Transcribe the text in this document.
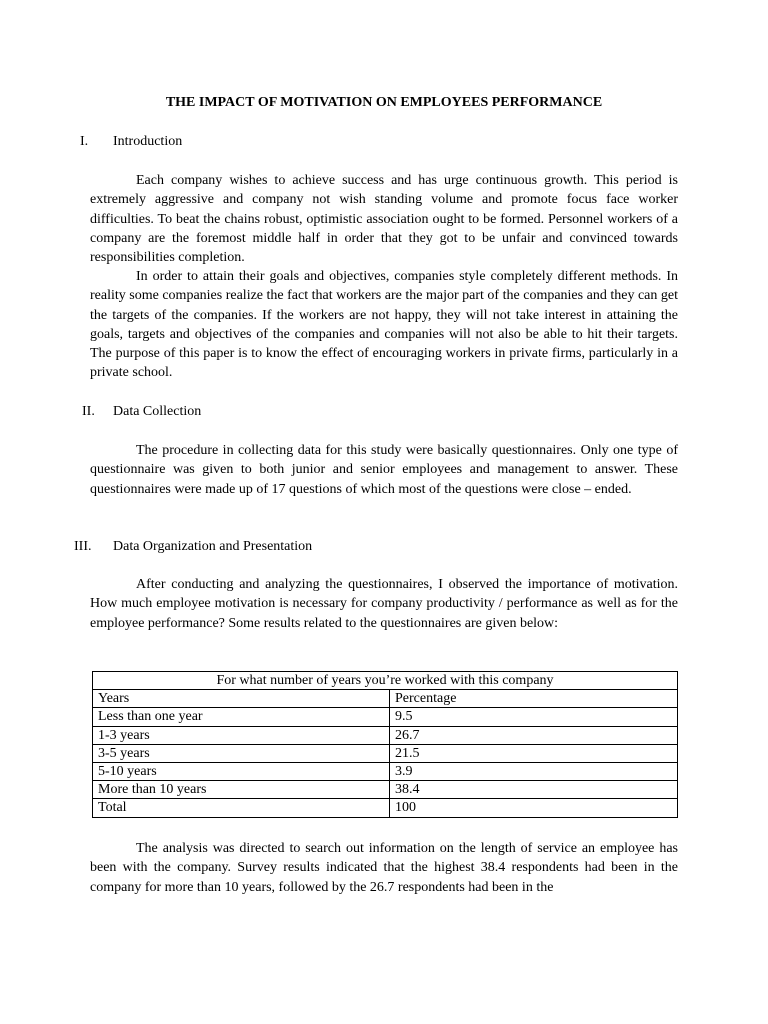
THE IMPACT OF MOTIVATION ON EMPLOYEES PERFORMANCE
I. Introduction

Each company wishes to achieve success and has urge continuous growth. This period is extremely aggressive and company not wish standing volume and promote focus face worker difficulties. To beat the chains robust, optimistic association ought to be formed. Personnel workers of a company are the foremost middle half in order that they got to be unfair and convinced towards responsibilities completion.

In order to attain their goals and objectives, companies style completely different methods. In reality some companies realize the fact that workers are the major part of the companies and they can get the targets of the companies. If the workers are not happy, they will not take interest in attaining the goals, targets and objectives of the companies and companies will not also be able to hit their targets. The purpose of this paper is to know the effect of encouraging workers in private firms, particularly in a private school.

II. Data Collection

The procedure in collecting data for this study were basically questionnaires. Only one type of questionnaire was given to both junior and senior employees and management to answer. These questionnaires were made up of 17 questions of which most of the questions were close – ended.

III. Data Organization and Presentation

After conducting and analyzing the questionnaires, I observed the importance of motivation. How much employee motivation is necessary for company productivity / performance as well as for the employee performance? Some results related to the questionnaires are given below:

For what number of years you’re worked with this company	
Years	Percentage
Less than one year	9.5
1-3 years	26.7
3-5 years	21.5
5-10 years	3.9
More than 10 years	38.4
Total	100

The analysis was directed to search out information on the length of service an employee has been with the company. Survey results indicated that the highest 38.4 respondents had been in the company for more than 10 years, followed by the 26.7 respondents had been in the
